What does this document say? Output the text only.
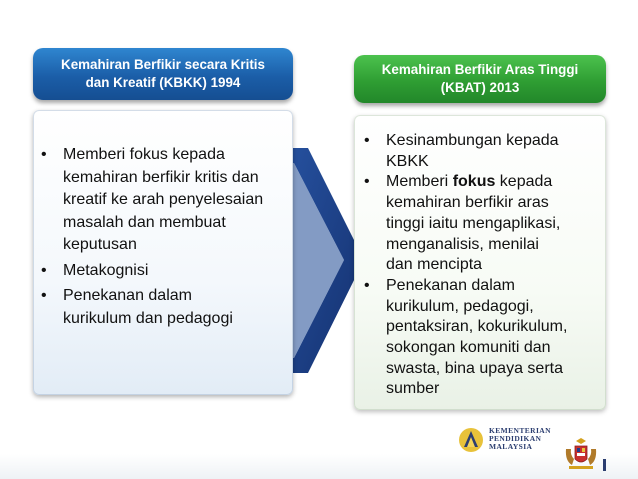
Kemahiran Berfikir secara Kritis
dan Kreatif (KBKK) 1994
• Memberi fokus kepada
kemahiran berfikir kritis dan
kreatif ke arah penyelesaian
masalah dan membuat
keputusan
• Metakognisi
• Penekanan dalam
kurikulum dan pedagogi
Kemahiran Berfikir Aras Tinggi
(KBAT) 2013
• Kesinambungan kepada
KBKK
• Memberi fokus kepada
kemahiran berfikir aras
tinggi iaitu mengaplikasi,
menganalisis, menilai
dan mencipta
• Penekanan dalam
kurikulum, pedagogi,
pentaksiran, kokurikulum,
sokongan komuniti dan
swasta, bina upaya serta
sumber
KEMENTERIAN
PENDIDIKAN
MALAYSIA
